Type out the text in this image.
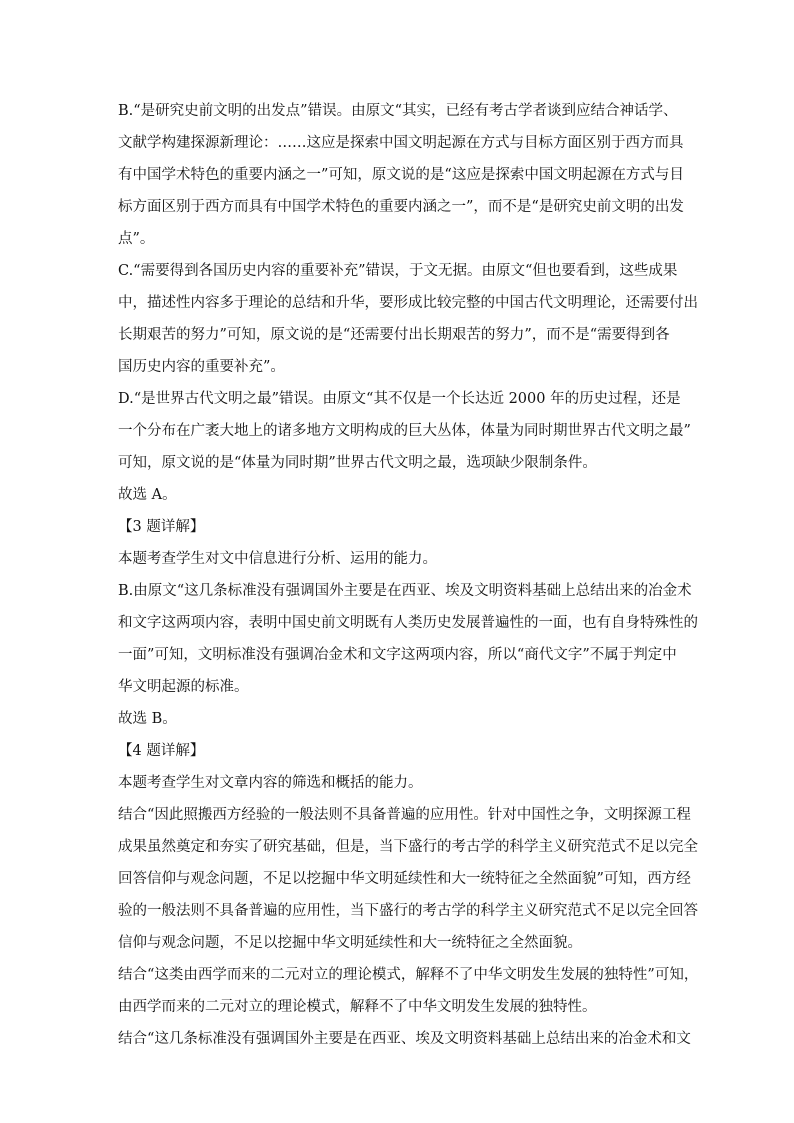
B.“是研究史前文明的出发点”错误。由原文“其实，已经有考古学者谈到应结合神话学、
文献学构建探源新理论：……这应是探索中国文明起源在方式与目标方面区别于西方而具
有中国学术特色的重要内涵之一”可知，原文说的是“这应是探索中国文明起源在方式与目
标方面区别于西方而具有中国学术特色的重要内涵之一”，而不是“是研究史前文明的出发
点”。
C.“需要得到各国历史内容的重要补充”错误，于文无据。由原文“但也要看到，这些成果
中，描述性内容多于理论的总结和升华，要形成比较完整的中国古代文明理论，还需要付出
长期艰苦的努力”可知，原文说的是“还需要付出长期艰苦的努力”，而不是“需要得到各
国历史内容的重要补充”。
D.“是世界古代文明之最”错误。由原文“其不仅是一个长达近 2000 年的历史过程，还是
一个分布在广袤大地上的诸多地方文明构成的巨大丛体，体量为同时期世界古代文明之最”
可知，原文说的是“体量为同时期”世界古代文明之最，选项缺少限制条件。
故选 A。
【3 题详解】
本题考查学生对文中信息进行分析、运用的能力。
B.由原文“这几条标准没有强调国外主要是在西亚、埃及文明资料基础上总结出来的冶金术
和文字这两项内容，表明中国史前文明既有人类历史发展普遍性的一面，也有自身特殊性的
一面”可知，文明标准没有强调冶金术和文字这两项内容，所以“商代文字”不属于判定中
华文明起源的标准。
故选 B。
【4 题详解】
本题考查学生对文章内容的筛选和概括的能力。
结合“因此照搬西方经验的一般法则不具备普遍的应用性。针对中国性之争，文明探源工程
成果虽然奠定和夯实了研究基础，但是，当下盛行的考古学的科学主义研究范式不足以完全
回答信仰与观念问题，不足以挖掘中华文明延续性和大一统特征之全然面貌”可知，西方经
验的一般法则不具备普遍的应用性，当下盛行的考古学的科学主义研究范式不足以完全回答
信仰与观念问题，不足以挖掘中华文明延续性和大一统特征之全然面貌。
结合“这类由西学而来的二元对立的理论模式，解释不了中华文明发生发展的独特性”可知，
由西学而来的二元对立的理论模式，解释不了中华文明发生发展的独特性。
结合“这几条标准没有强调国外主要是在西亚、埃及文明资料基础上总结出来的冶金术和文
